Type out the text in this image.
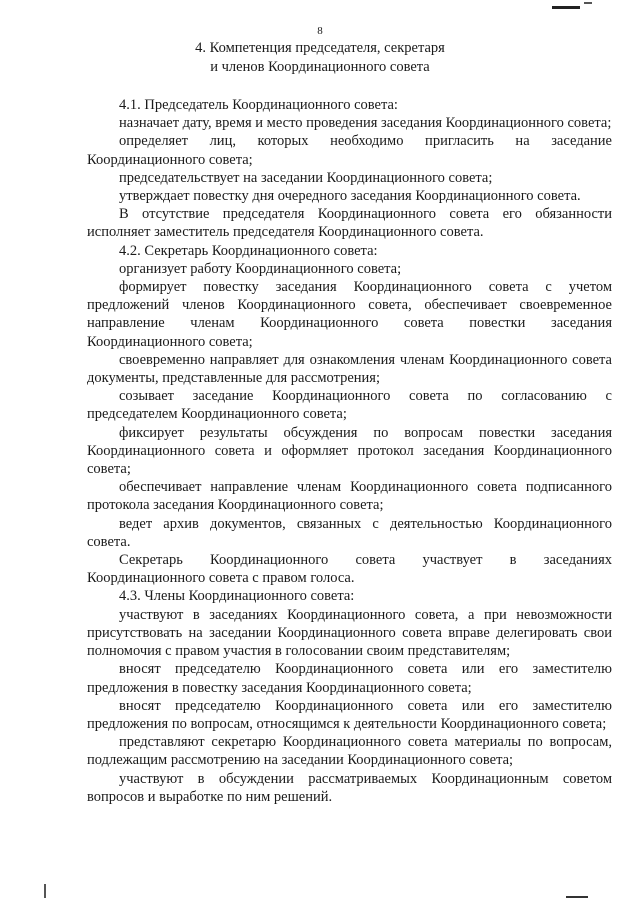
8
4. Компетенция председателя, секретаря
и членов Координационного совета

4.1. Председатель Координационного совета:

назначает дату, время и место проведения заседания Координационного совета;

определяет лиц, которых необходимо пригласить на заседание Координационного совета;

председательствует на заседании Координационного совета;

утверждает повестку дня очередного заседания Координационного совета.

В отсутствие председателя Координационного совета его обязанности исполняет заместитель председателя Координационного совета.

4.2. Секретарь Координационного совета:

организует работу Координационного совета;

формирует повестку заседания Координационного совета с учетом предложений членов Координационного совета, обеспечивает своевременное направление членам Координационного совета повестки заседания Координационного совета;

своевременно направляет для ознакомления членам Координационного совета документы, представленные для рассмотрения;

созывает заседание Координационного совета по согласованию с председателем Координационного совета;

фиксирует результаты обсуждения по вопросам повестки заседания Координационного совета и оформляет протокол заседания Координационного совета;

обеспечивает направление членам Координационного совета подписанного протокола заседания Координационного совета;

ведет архив документов, связанных с деятельностью Координационного совета.

Секретарь Координационного совета участвует в заседаниях Координационного совета с правом голоса.

4.3. Члены Координационного совета:

участвуют в заседаниях Координационного совета, а при невозможности присутствовать на заседании Координационного совета вправе делегировать свои полномочия с правом участия в голосовании своим представителям;

вносят председателю Координационного совета или его заместителю предложения в повестку заседания Координационного совета;

вносят председателю Координационного совета или его заместителю предложения по вопросам, относящимся к деятельности Координационного совета;

представляют секретарю Координационного совета материалы по вопросам, подлежащим рассмотрению на заседании Координационного совета;

участвуют в обсуждении рассматриваемых Координационным советом вопросов и выработке по ним решений.
